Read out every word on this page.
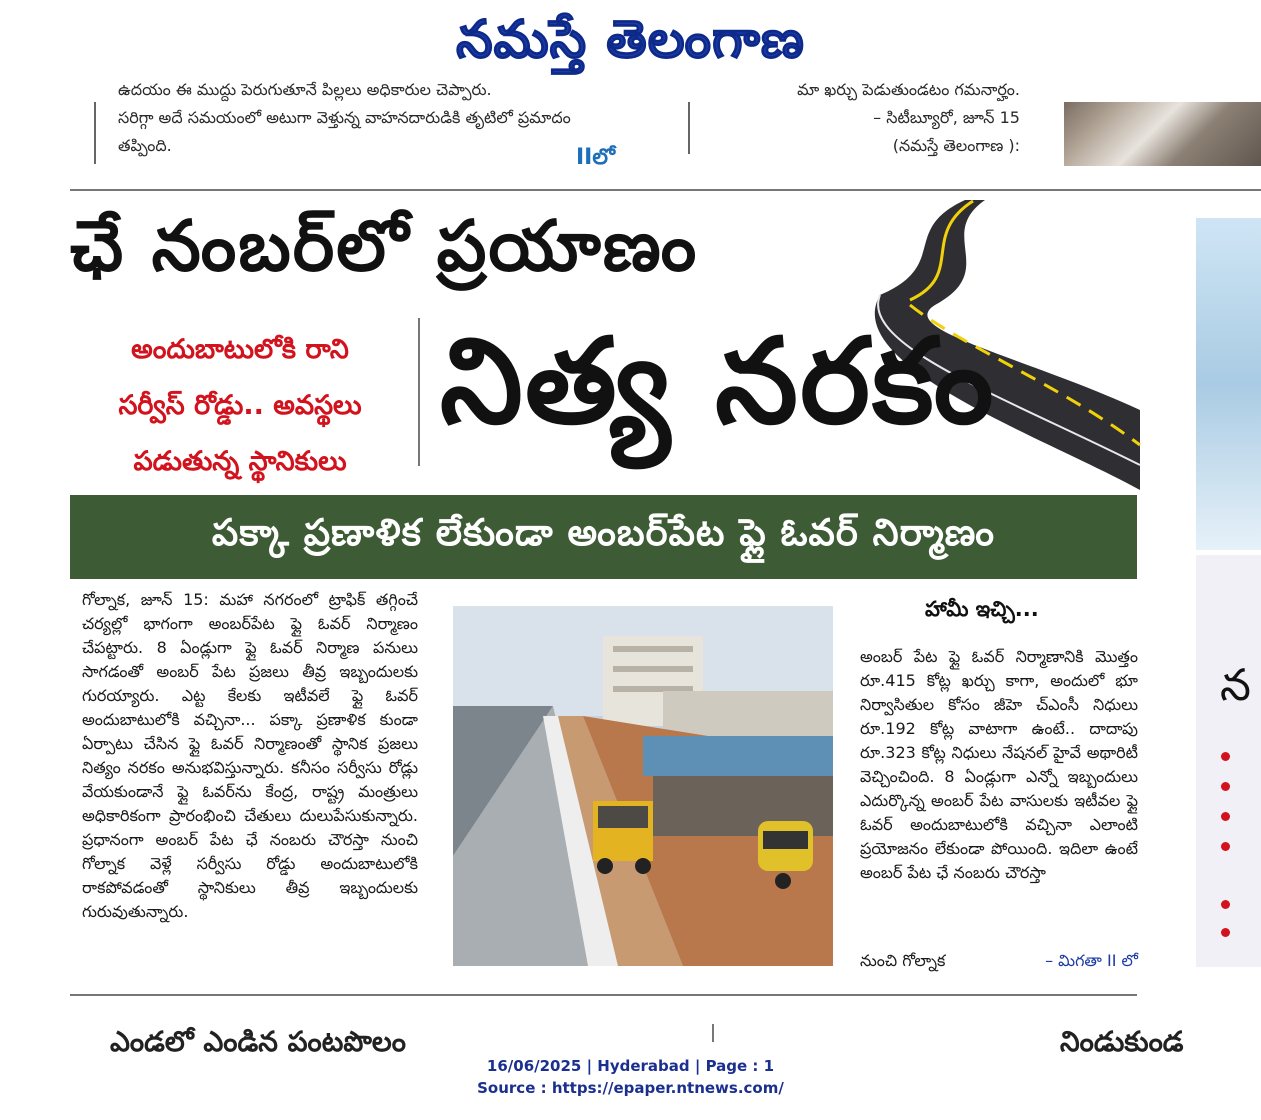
నమస్తే తెలంగాణ
ఉదయం ఈ ముద్దు పెరుగుతూనే పిల్లలు అధికారుల చెప్పారు.
సరిగ్గా అదే సమయంలో అటుగా వెళ్తున్న వాహనదారుడికి తృటిలో ప్రమాదం
తప్పింది.	IIలో
మా ఖర్చు పెడుతుండటం గమనార్హం.
– సిటీబ్యూరో, జూన్ 15
(నమస్తే తెలంగాణ ):
ఛే నంబర్‌లో ప్రయాణం
అందుబాటులోకి రాని
సర్వీస్ రోడ్డు.. అవస్థలు
పడుతున్న స్థానికులు
నిత్య నరకం
పక్కా ప్రణాళిక లేకుండా అంబర్‌పేట ఫ్లై ఓవర్ నిర్మాణం
న
గోల్నాక, జూన్ 15: మహా నగరంలో ట్రాఫిక్ తగ్గించే చర్యల్లో భాగంగా అంబర్‌పేట ఫ్లై ఓవర్ నిర్మాణం చేపట్టారు. 8 ఏండ్లుగా ఫ్లై ఓవర్ నిర్మాణ పనులు సాగడంతో అంబర్ పేట ప్రజలు తీవ్ర ఇబ్బందులకు గురయ్యారు. ఎట్ట కేలకు ఇటీవలే ఫ్లై ఓవర్ అందుబాటులోకి వచ్చినా... పక్కా ప్రణాళిక కుండా ఏర్పాటు చేసిన ఫ్లై ఓవర్ నిర్మాణంతో స్థానిక ప్రజలు నిత్యం నరకం అనుభవిస్తున్నారు. కనీసం సర్వీసు రోడ్లు వేయకుండానే ఫ్లై ఓవర్‌ను కేంద్ర, రాష్ట్ర మంత్రులు అధికారికంగా ప్రారంభించి చేతులు దులుపేసుకున్నారు. ప్రధానంగా అంబర్ పేట ఛే నంబరు చౌరస్తా నుంచి గోల్నాక వెళ్లే సర్వీసు రోడ్డు అందుబాటులోకి రాకపోవడంతో స్థానికులు తీవ్ర ఇబ్బందులకు గురువుతున్నారు.
హామీ ఇచ్చి...
అంబర్ పేట ఫ్లై ఓవర్ నిర్మాణానికి మొత్తం రూ.415 కోట్ల ఖర్చు కాగా, అందులో భూ నిర్వాసితుల కోసం జీహె చ్ఎంసీ నిధులు రూ.192 కోట్ల వాటాగా ఉంటే.. దాదాపు రూ.323 కోట్ల నిధులు నేషనల్ హైవే అథారిటీ వెచ్చించింది. 8 ఏండ్లుగా ఎన్నో ఇబ్బందులు ఎదుర్కొన్న అంబర్ పేట వాసులకు ఇటీవల ఫ్లై ఓవర్ అందుబాటులోకి వచ్చినా ఎలాంటి ప్రయోజనం లేకుండా పోయింది. ఇదిలా ఉంటే అంబర్ పేట ఛే నంబరు చౌరస్తా
నుంచి గోల్నాక	– మిగతా II లో
ఎండలో ఎండిన పంటపొలం	నిండుకుండ
16/06/2025 | Hyderabad | Page : 1
Source : https://epaper.ntnews.com/
